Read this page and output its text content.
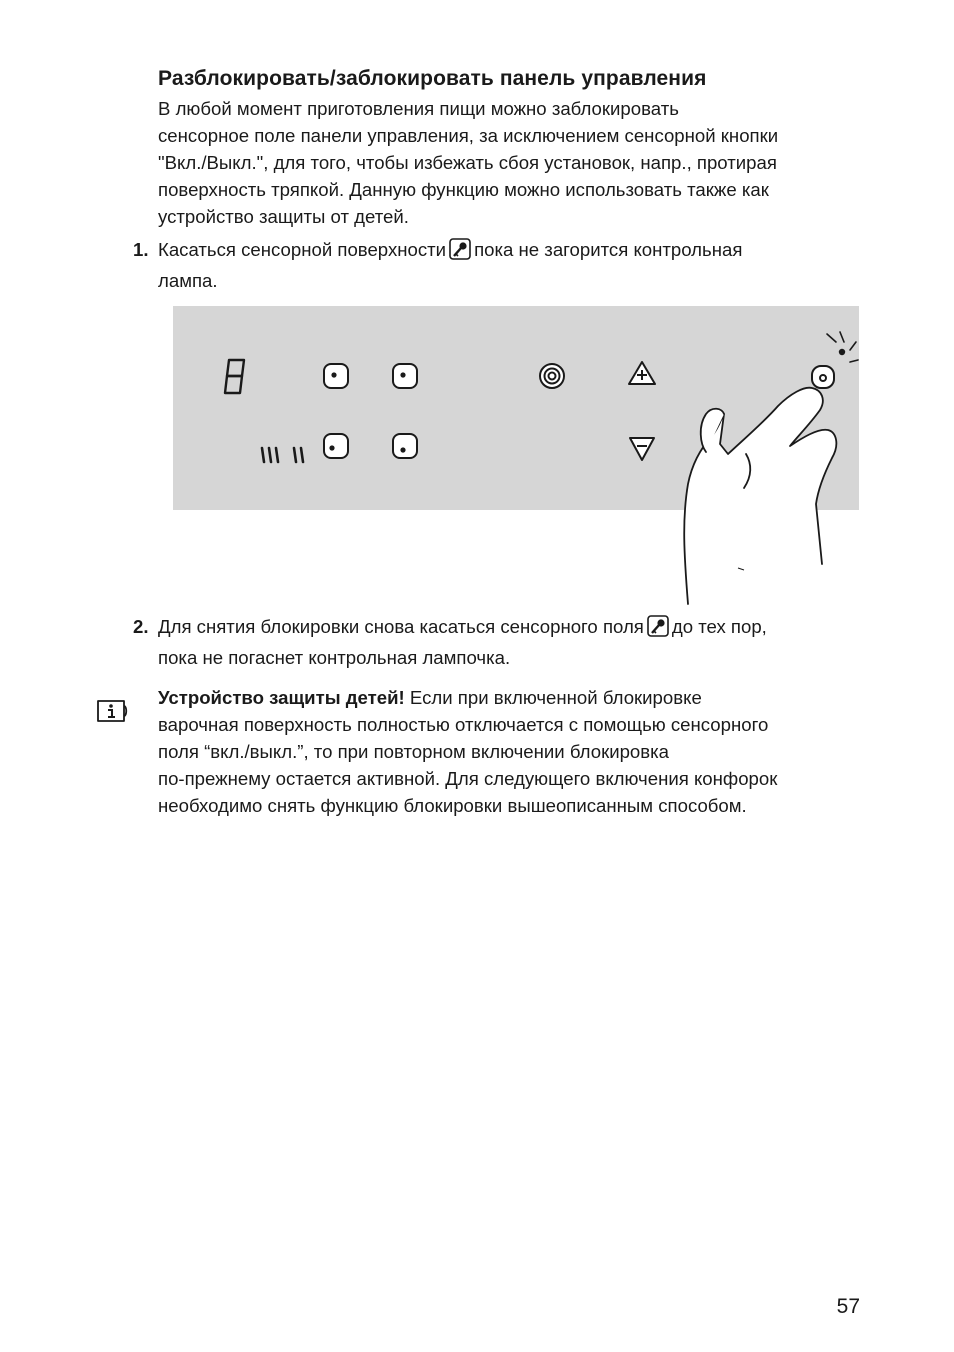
Разблокировать/заблокировать панель управления
В любой момент приготовления пищи можно заблокировать
сенсорное поле панели управления, за исключением сенсорной кнопки
"Вкл./Выкл.", для того, чтобы избежать сбоя установок, напр., протирая
поверхность тряпкой. Данную функцию можно использовать также как
устройство защиты от детей.
1. Касаться сенсорной поверхности пока не загорится контрольная
лампа.
2. Для снятия блокировки снова касаться сенсорного поля до тех пор,
пока не погаснет контрольная лампочка.
Устройство защиты детей! Если при включенной блокировке
варочная поверхность полностью отключается с помощью сенсорного
поля “вкл./выкл.”, то при повторном включении блокировка
по-прежнему остается активной. Для следующего включения конфорок
необходимо снять функцию блокировки вышеописанным способом.
57
